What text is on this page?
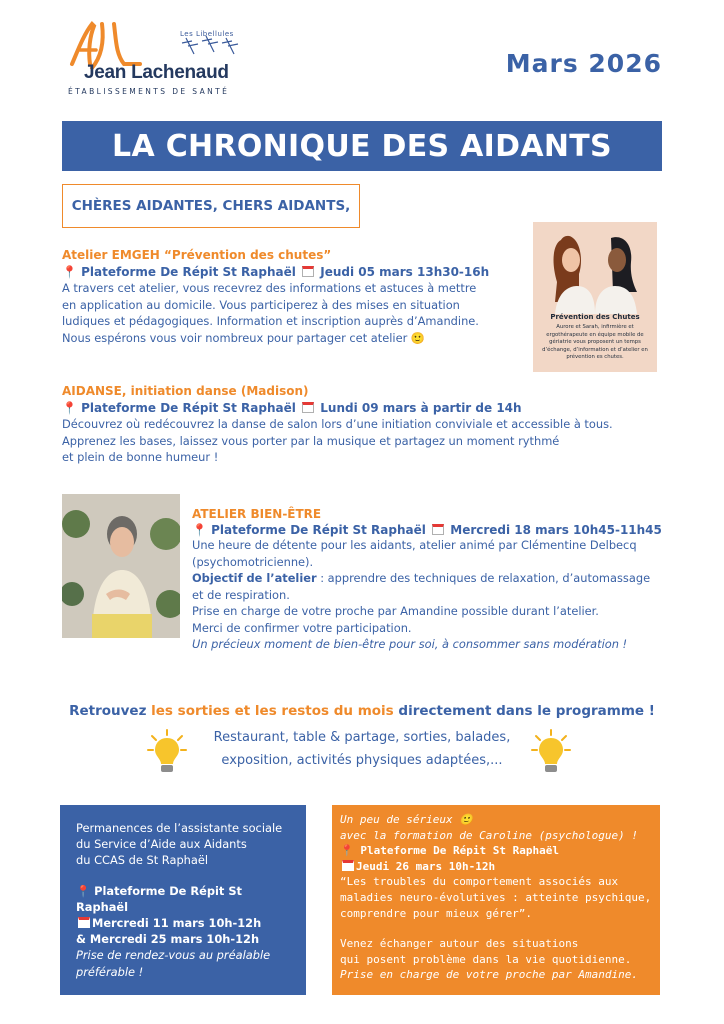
Les Libellules
Jean Lachenaud
ÉTABLISSEMENTS DE SANTÉ
Mars 2026
LA CHRONIQUE DES AIDANTS
CHÈRES AIDANTES, CHERS AIDANTS,
Atelier EMGEH “Prévention des chutes”
📍 Plateforme De Répit St Raphaël Jeudi 05 mars 13h30-16h
A travers cet atelier, vous recevrez des informations et astuces à mettre
en application au domicile. Vous participerez à des mises en situation
ludiques et pédagogiques. Information et inscription auprès d’Amandine.
Nous espérons vous voir nombreux pour partager cet atelier 🙂
Prévention des Chutes
Aurore et Sarah, infirmière et ergothérapeute en équipe mobile de gériatrie vous proposent un temps d’échange, d’information et d’atelier en prévention es chutes.
AIDANSE, initiation danse (Madison)
📍 Plateforme De Répit St Raphaël Lundi 09 mars à partir de 14h
Découvrez où redécouvrez la danse de salon lors d’une initiation conviviale et accessible à tous.
Apprenez les bases, laissez vous porter par la musique et partagez un moment rythmé
et plein de bonne humeur !
ATELIER BIEN-ÊTRE
📍 Plateforme De Répit St Raphaël Mercredi 18 mars 10h45-11h45
Une heure de détente pour les aidants, atelier animé par Clémentine Delbecq
(psychomotricienne).
Objectif de l’atelier : apprendre des techniques de relaxation, d’automassage
et de respiration.
Prise en charge de votre proche par Amandine possible durant l’atelier.
Merci de confirmer votre participation.
Un précieux moment de bien-être pour soi, à consommer sans modération !
Retrouvez les sorties et les restos du mois directement dans le programme !
Restaurant, table & partage, sorties, balades,
exposition, activités physiques adaptées,...
Permanences de l’assistante sociale
du Service d’Aide aux Aidants
du CCAS de St Raphaël
📍 Plateforme De Répit St Raphaël
Mercredi 11 mars 10h-12h
& Mercredi 25 mars 10h-12h
Prise de rendez-vous au préalable
préférable !
Un peu de sérieux 🙂
avec la formation de Caroline (psychologue) !
📍 Plateforme De Répit St Raphaël
Jeudi 26 mars 10h-12h
“Les troubles du comportement associés aux
maladies neuro-évolutives : atteinte psychique,
comprendre pour mieux gérer”.
Venez échanger autour des situations
qui posent problème dans la vie quotidienne.
Prise en charge de votre proche par Amandine.
